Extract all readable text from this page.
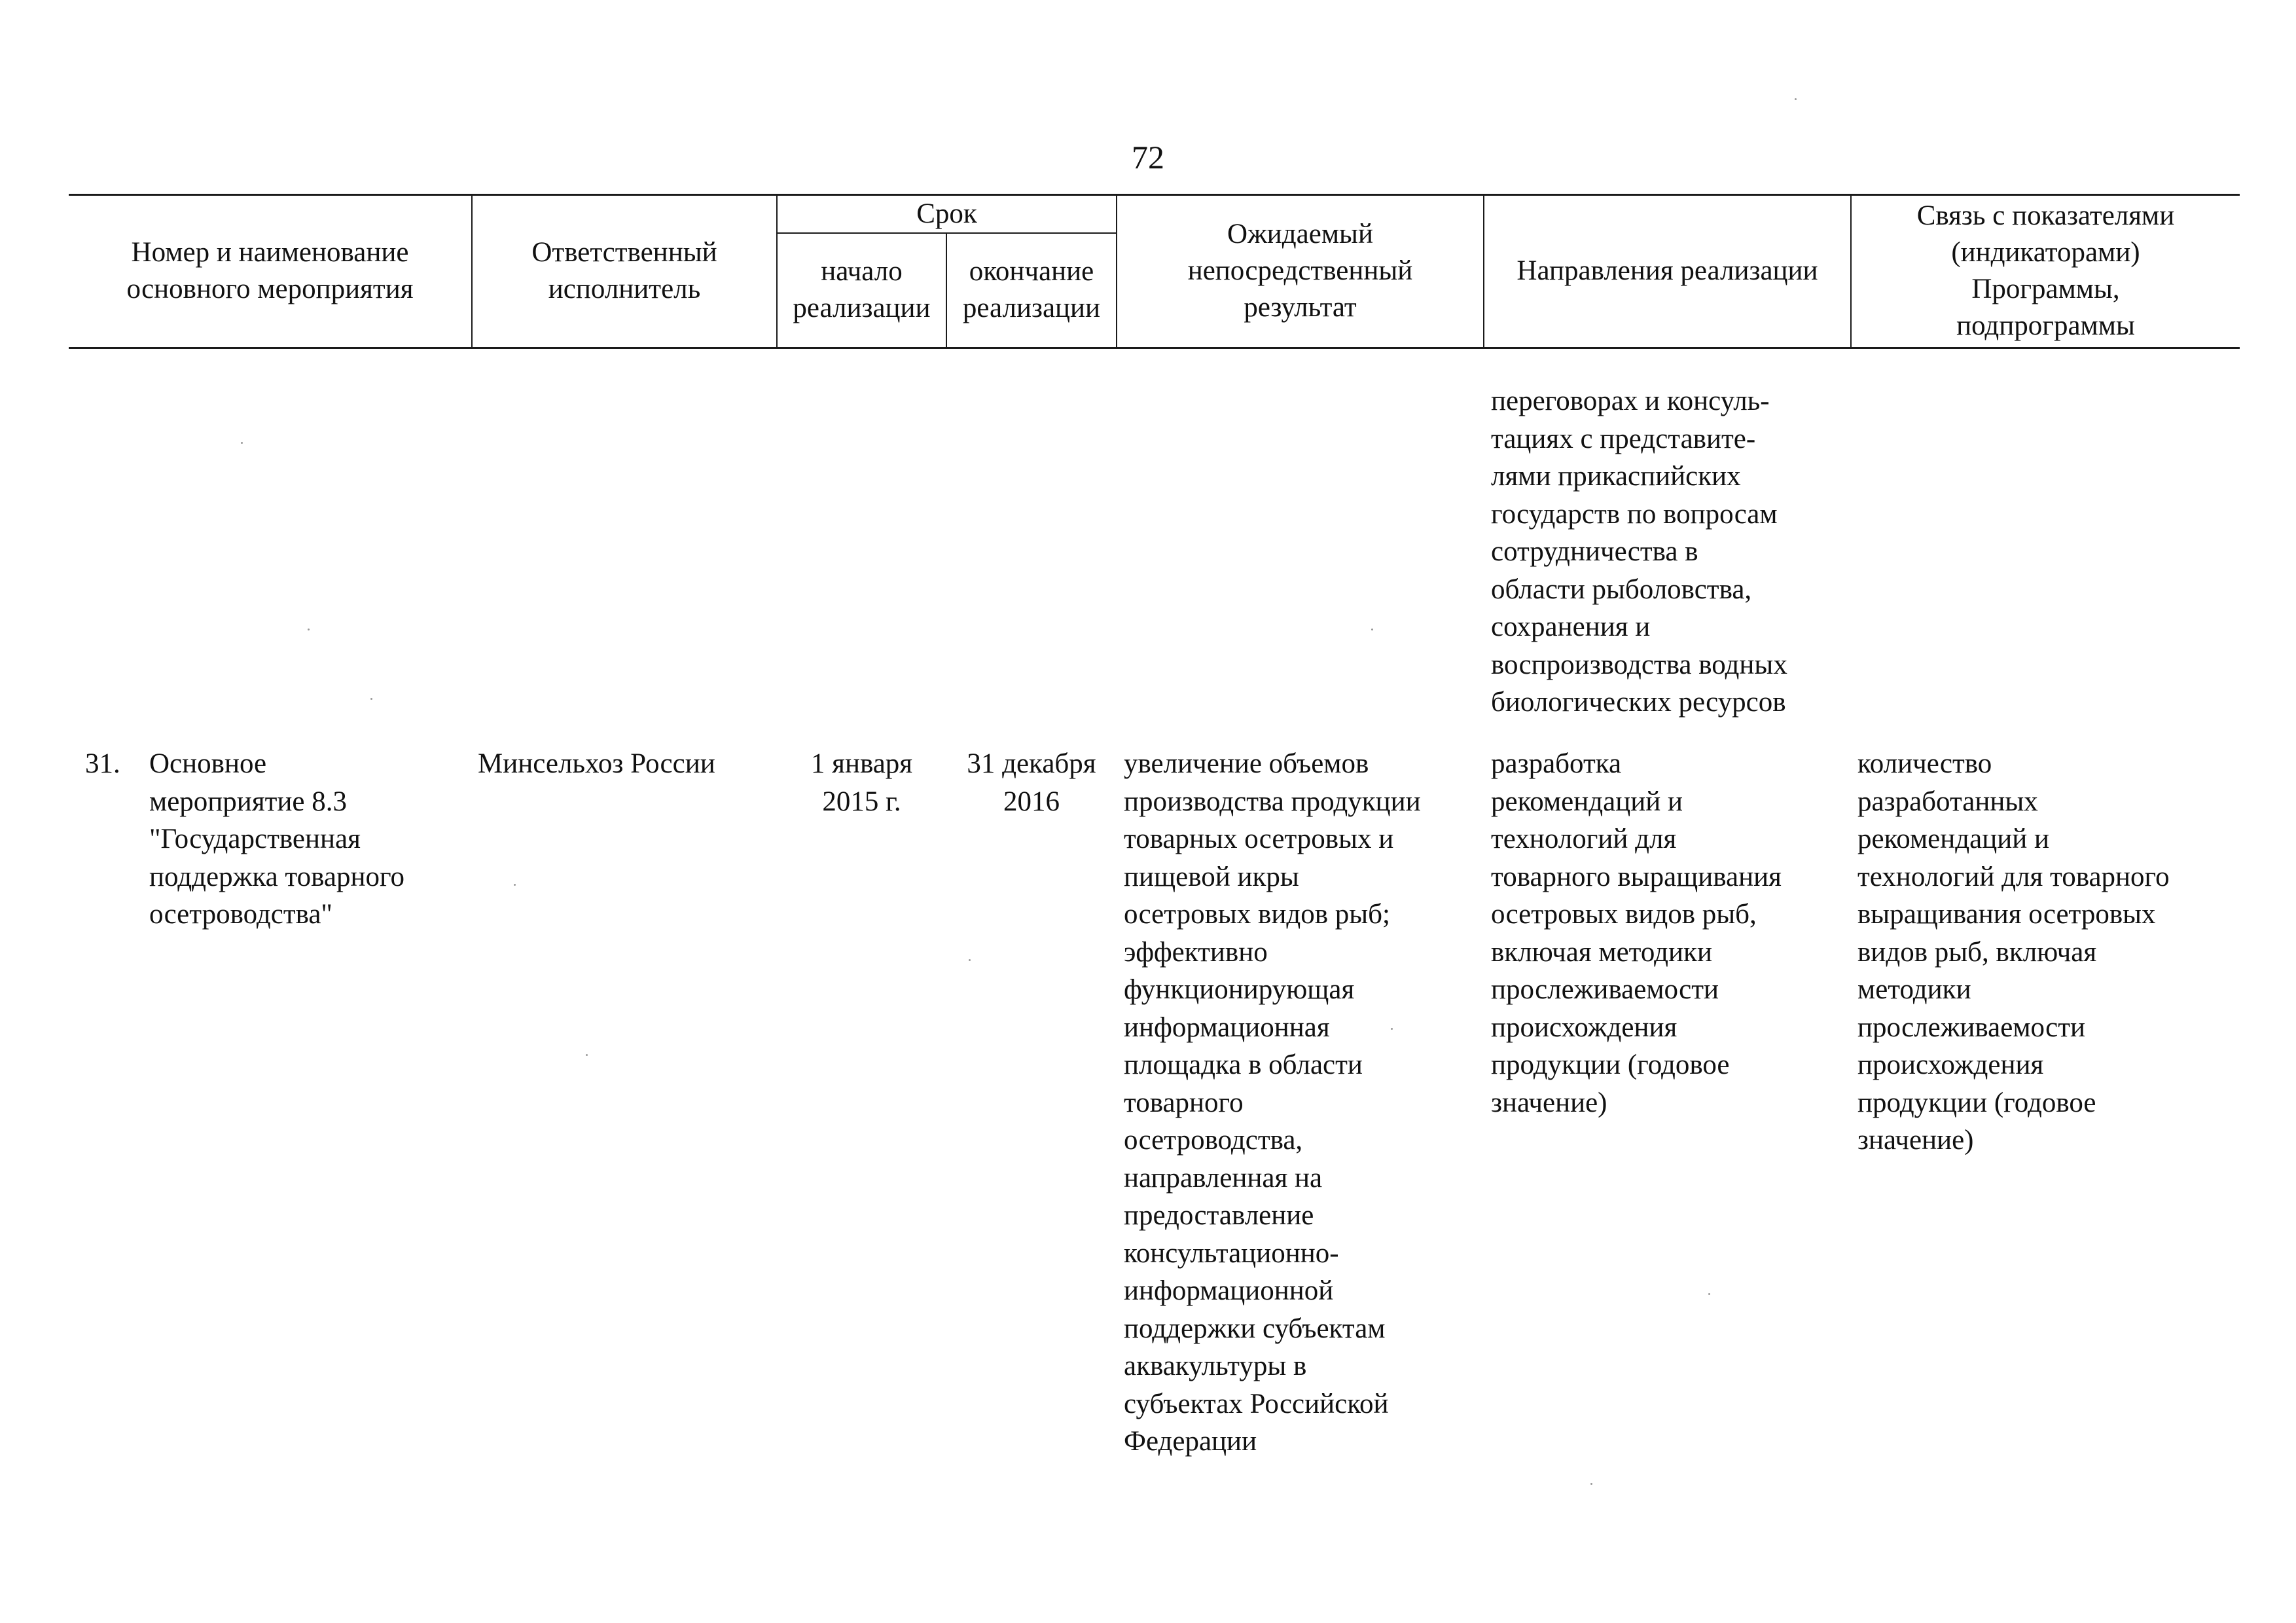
72
Номер и наименование
основного мероприятия
Ответственный
исполнитель
Срок
начало
реализации
окончание
реализации
Ожидаемый
непосредственный
результат
Направления реализации
Связь с показателями
(индикаторами)
Программы,
подпрограммы
переговорах и консуль-
тациях с представите-
лями прикаспийских
государств по вопросам
сотрудничества в
области рыболовства,
сохранения и
воспроизводства водных
биологических ресурсов
31.	Основное
мероприятие 8.3
"Государственная
поддержка товарного
осетроводства"
Минсельхоз России	1 января
2015 г.
31 декабря
2016
увеличение объемов
производства продукции
товарных осетровых и
пищевой икры
осетровых видов рыб;
эффективно
функционирующая
информационная
площадка в области
товарного
осетроводства,
направленная на
предоставление
консультационно-
информационной
поддержки субъектам
аквакультуры в
субъектах Российской
Федерации
разработка
рекомендаций и
технологий для
товарного выращивания
осетровых видов рыб,
включая методики
прослеживаемости
происхождения
продукции (годовое
значение)
количество
разработанных
рекомендаций и
технологий для товарного
выращивания осетровых
видов рыб, включая
методики
прослеживаемости
происхождения
продукции (годовое
значение)
